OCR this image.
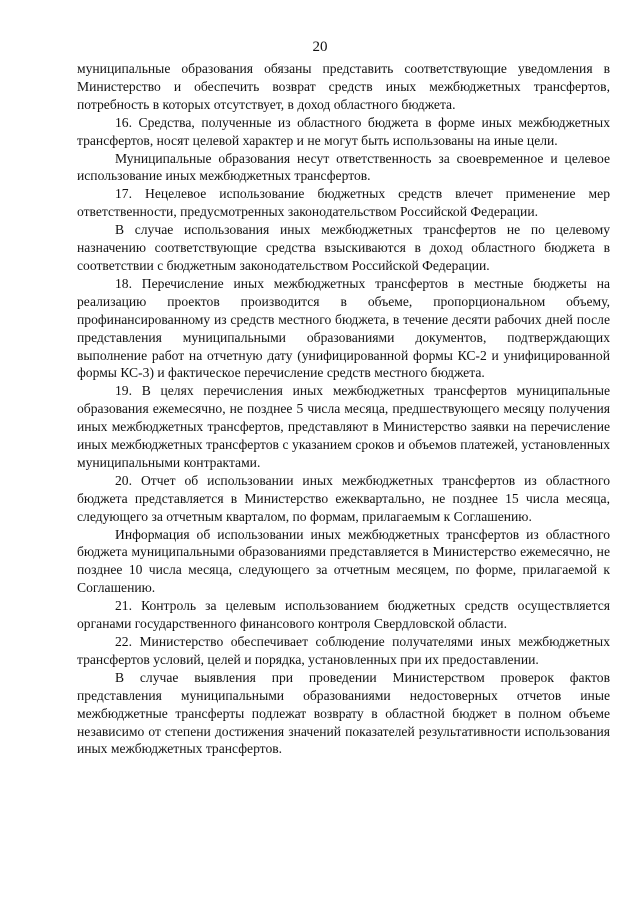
20

муниципальные образования обязаны представить соответствующие уведомления в Министерство и обеспечить возврат средств иных межбюджетных трансфертов, потребность в которых отсутствует, в доход областного бюджета.

16. Средства, полученные из областного бюджета в форме иных межбюджетных трансфертов, носят целевой характер и не могут быть использованы на иные цели.

Муниципальные образования несут ответственность за своевременное и целевое использование иных межбюджетных трансфертов.

17. Нецелевое использование бюджетных средств влечет применение мер ответственности, предусмотренных законодательством Российской Федерации.

В случае использования иных межбюджетных трансфертов не по целевому назначению соответствующие средства взыскиваются в доход областного бюджета в соответствии с бюджетным законодательством Российской Федерации.

18. Перечисление иных межбюджетных трансфертов в местные бюджеты на реализацию проектов производится в объеме, пропорциональном объему, профинансированному из средств местного бюджета, в течение десяти рабочих дней после представления муниципальными образованиями документов, подтверждающих выполнение работ на отчетную дату (унифицированной формы КС-2 и унифицированной формы КС-3) и фактическое перечисление средств местного бюджета.

19. В целях перечисления иных межбюджетных трансфертов муниципальные образования ежемесячно, не позднее 5 числа месяца, предшествующего месяцу получения иных межбюджетных трансфертов, представляют в Министерство заявки на перечисление иных межбюджетных трансфертов с указанием сроков и объемов платежей, установленных муниципальными контрактами.

20. Отчет об использовании иных межбюджетных трансфертов из областного бюджета представляется в Министерство ежеквартально, не позднее 15 числа месяца, следующего за отчетным кварталом, по формам, прилагаемым к Соглашению.

Информация об использовании иных межбюджетных трансфертов из областного бюджета муниципальными образованиями представляется в Министерство ежемесячно, не позднее 10 числа месяца, следующего за отчетным месяцем, по форме, прилагаемой к Соглашению.

21. Контроль за целевым использованием бюджетных средств осуществляется органами государственного финансового контроля Свердловской области.

22. Министерство обеспечивает соблюдение получателями иных межбюджетных трансфертов условий, целей и порядка, установленных при их предоставлении.

В случае выявления при проведении Министерством проверок фактов представления муниципальными образованиями недостоверных отчетов иные межбюджетные трансферты подлежат возврату в областной бюджет в полном объеме независимо от степени достижения значений показателей результативности использования иных межбюджетных трансфертов.
